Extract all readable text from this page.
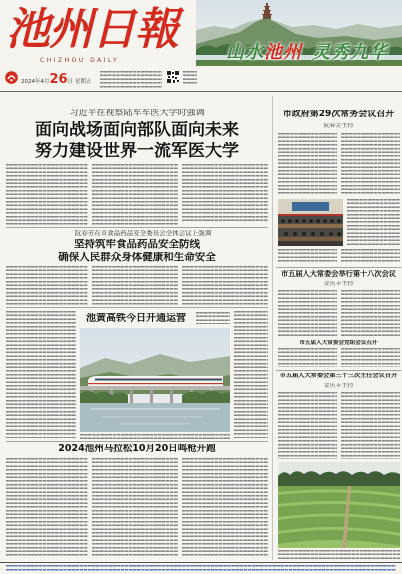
池州日報
CHIZHOU DAILY	山水池州 灵秀九华
2024年4月26日 星期五
习近平在视察陆军军医大学时强调
面向战场面向部队面向未来
努力建设世界一流军医大学
阮春芳在市食品药品安全委员会全体会议上强调
坚持筑牢食品药品安全防线
确保人民群众身体健康和生命安全
池黄高铁今日开通运营
2024池州马拉松10月20日鸣枪开跑
市政府第29次常务会议召开
阮春芳主持
市五届人大常委会举行第十八次会议
金庆丰主持
市五届人大常委会党组会议召开
市五届人大常委会第三十三次主任会议召开
金庆丰主持
